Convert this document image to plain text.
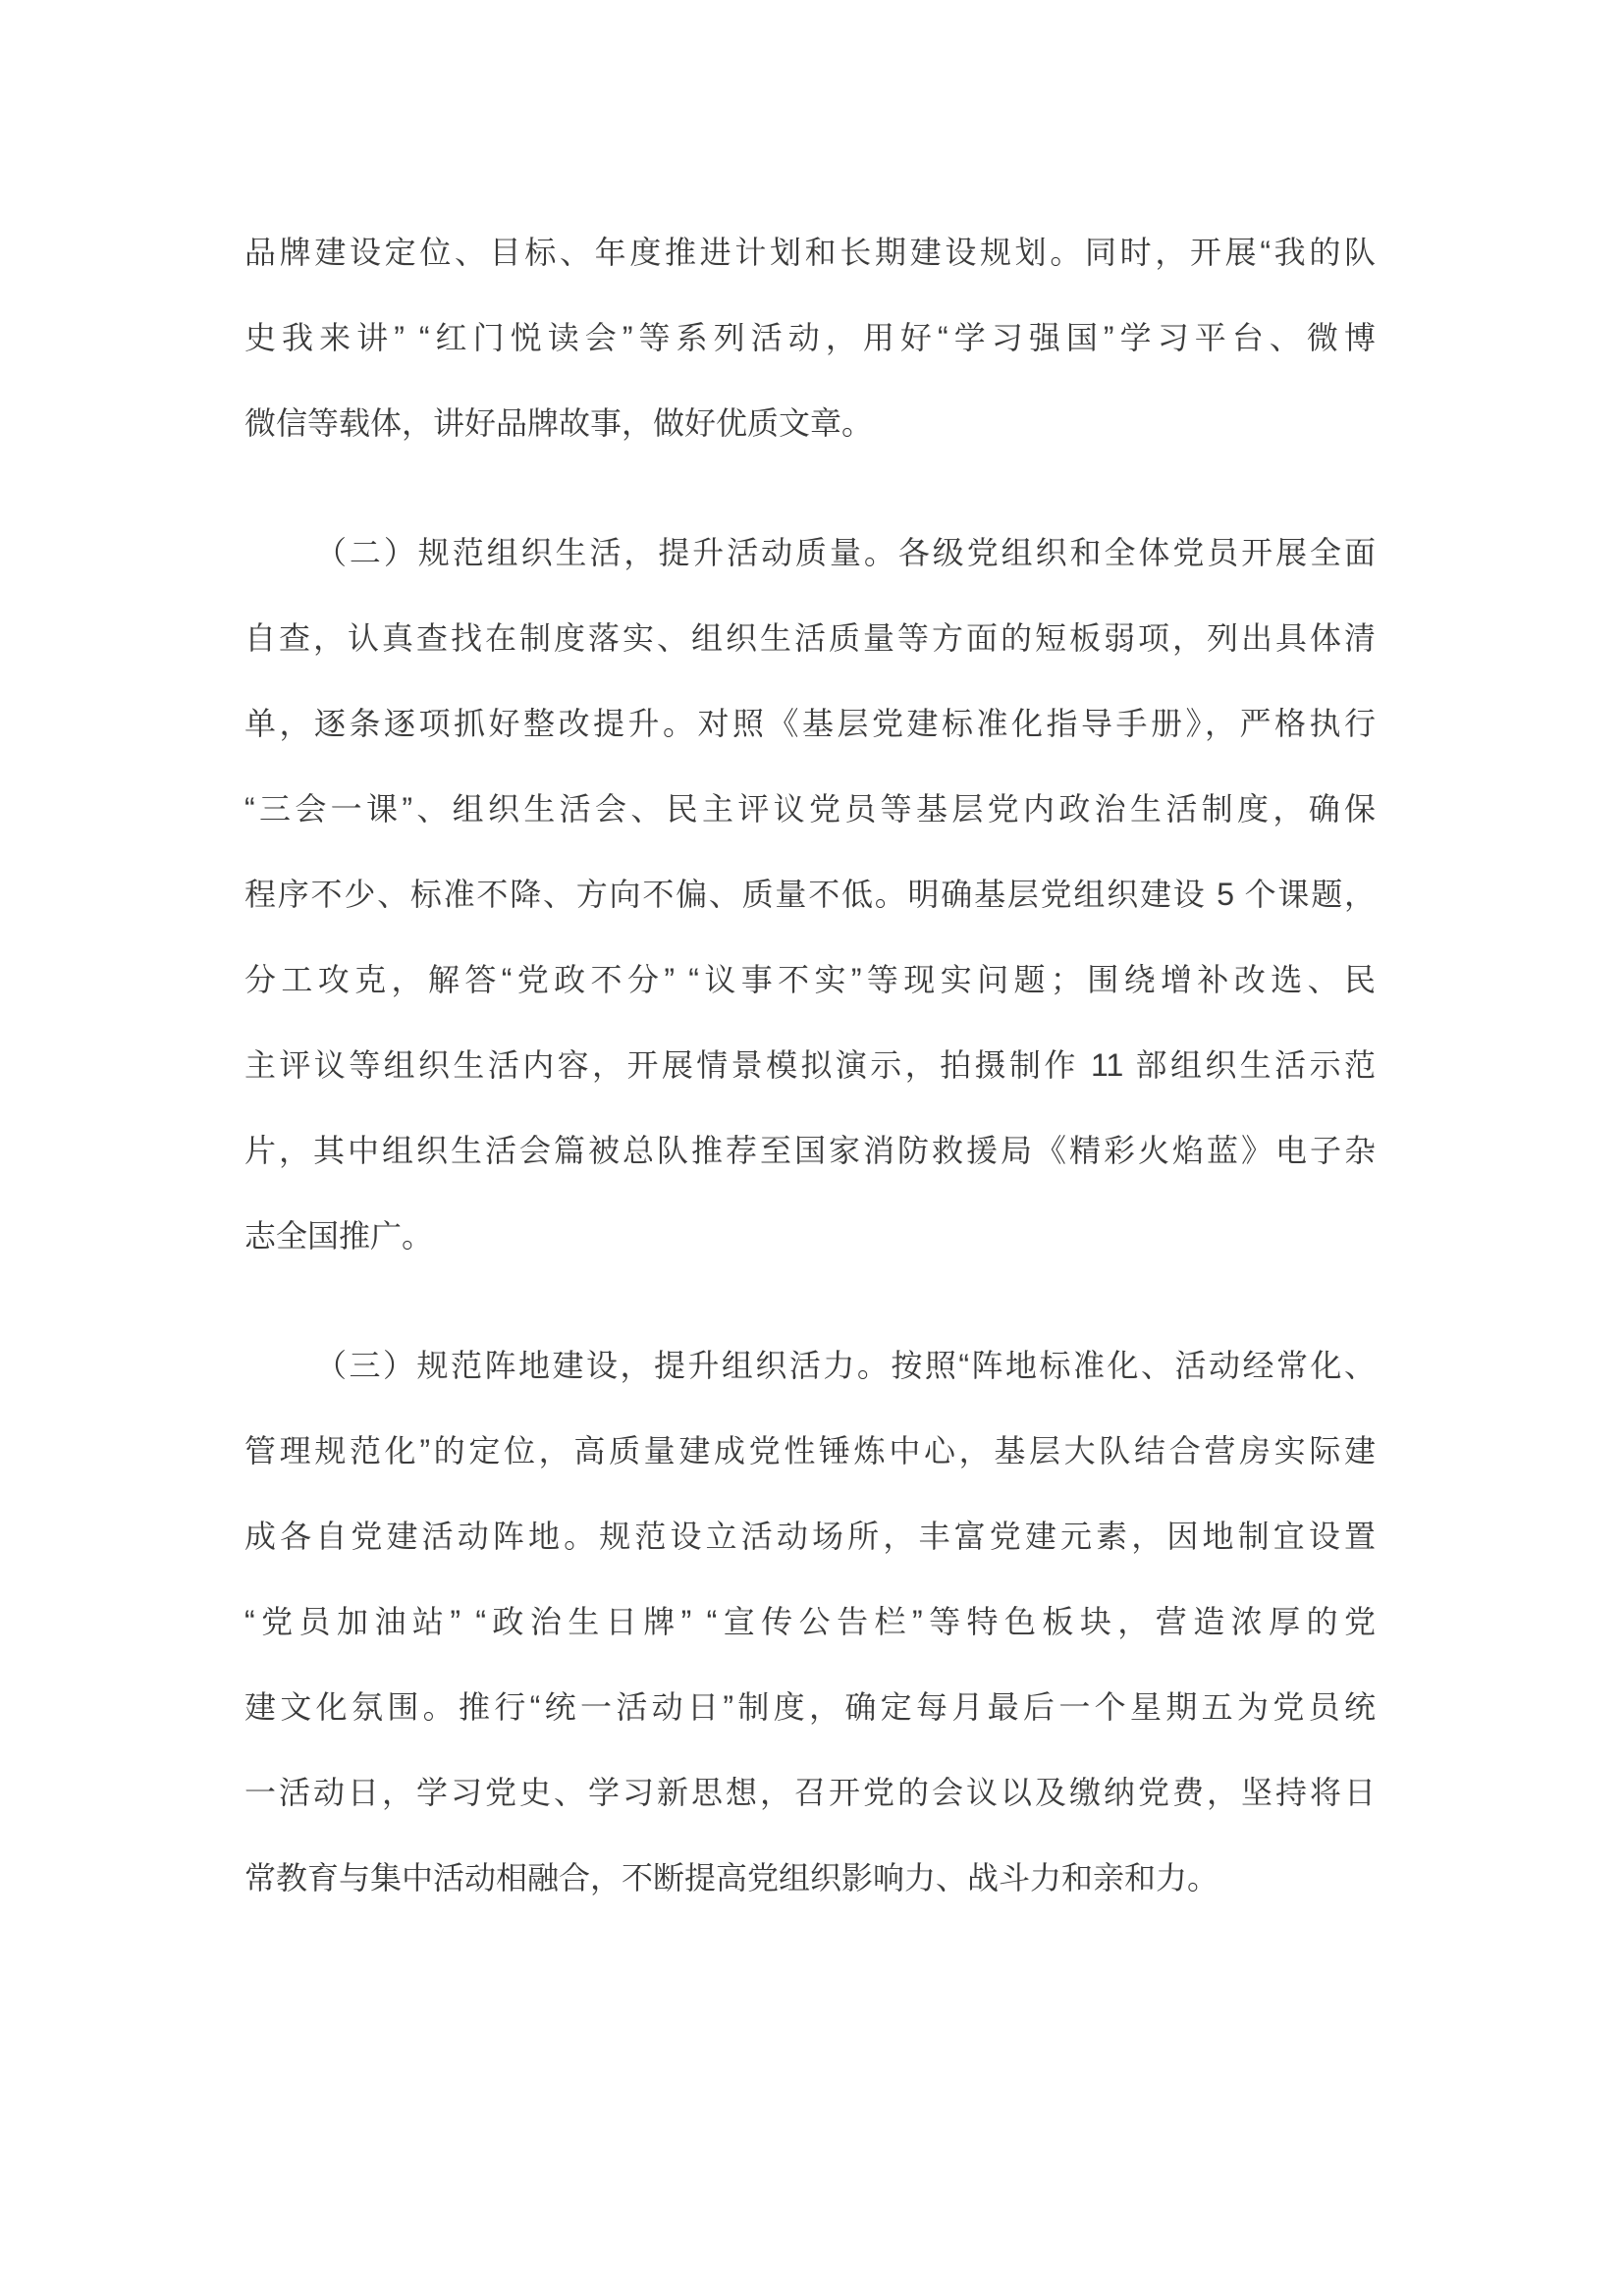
品牌建设定位、目标、年度推进计划和长期建设规划。同时，开展“我的队
史我来讲” “红门悦读会”等系列活动，用好“学习强国”学习平台、微博
微信等载体，讲好品牌故事，做好优质文章。
（二）规范组织生活，提升活动质量。各级党组织和全体党员开展全面
自查，认真查找在制度落实、组织生活质量等方面的短板弱项，列出具体清
单，逐条逐项抓好整改提升。对照《基层党建标准化指导手册》，严格执行
“三会一课”、组织生活会、民主评议党员等基层党内政治生活制度，确保
程序不少、标准不降、方向不偏、质量不低。明确基层党组织建设 5 个课题，
分工攻克，解答“党政不分” “议事不实”等现实问题；围绕增补改选、民
主评议等组织生活内容，开展情景模拟演示，拍摄制作 11 部组织生活示范
片，其中组织生活会篇被总队推荐至国家消防救援局《精彩火焰蓝》电子杂
志全国推广。
（三）规范阵地建设，提升组织活力。按照“阵地标准化、活动经常化、
管理规范化”的定位，高质量建成党性锤炼中心，基层大队结合营房实际建
成各自党建活动阵地。规范设立活动场所，丰富党建元素，因地制宜设置
“党员加油站” “政治生日牌” “宣传公告栏”等特色板块，营造浓厚的党
建文化氛围。推行“统一活动日”制度，确定每月最后一个星期五为党员统
一活动日，学习党史、学习新思想，召开党的会议以及缴纳党费，坚持将日
常教育与集中活动相融合，不断提高党组织影响力、战斗力和亲和力。
